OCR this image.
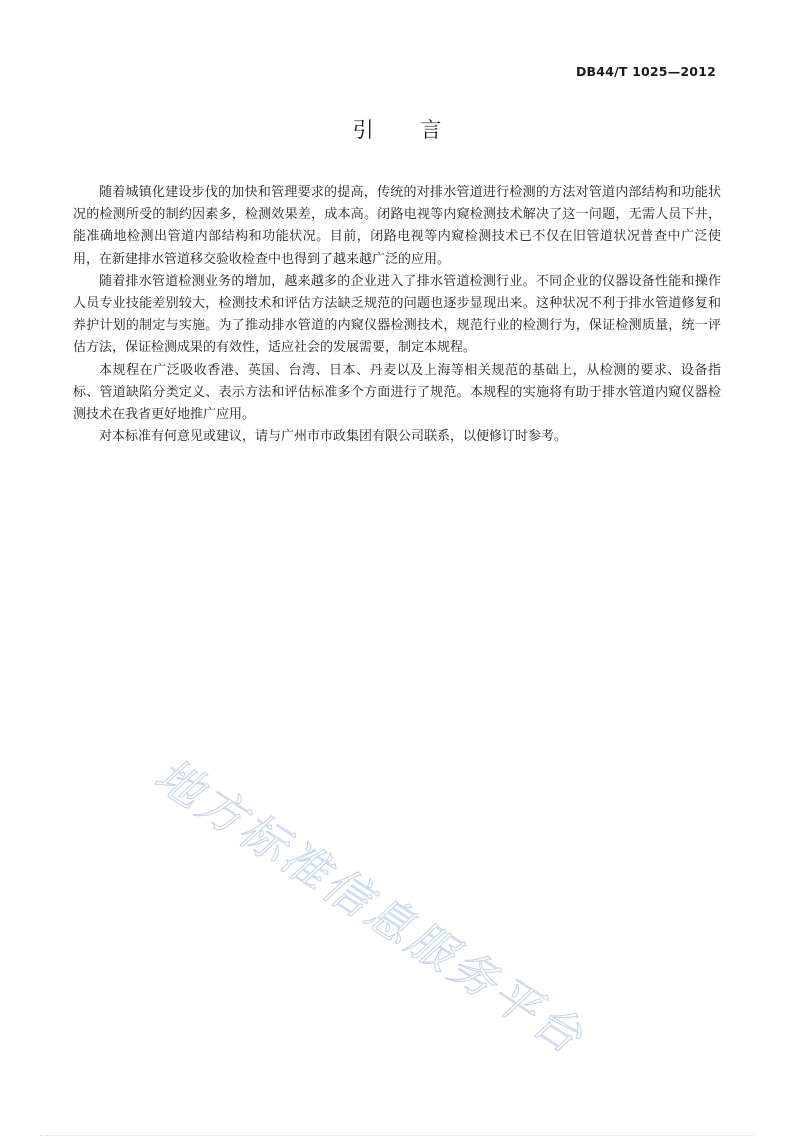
DB44/T 1025—2012
引 言

随着城镇化建设步伐的加快和管理要求的提高，传统的对排水管道进行检测的方法对管道内部结构和功能状况的检测所受的制约因素多，检测效果差，成本高。闭路电视等内窥检测技术解决了这一问题，无需人员下井，能准确地检测出管道内部结构和功能状况。目前，闭路电视等内窥检测技术已不仅在旧管道状况普查中广泛使用，在新建排水管道移交验收检查中也得到了越来越广泛的应用。

随着排水管道检测业务的增加，越来越多的企业进入了排水管道检测行业。不同企业的仪器设备性能和操作人员专业技能差别较大，检测技术和评估方法缺乏规范的问题也逐步显现出来。这种状况不利于排水管道修复和养护计划的制定与实施。为了推动排水管道的内窥仪器检测技术，规范行业的检测行为，保证检测质量，统一评估方法，保证检测成果的有效性，适应社会的发展需要，制定本规程。

本规程在广泛吸收香港、英国、台湾、日本、丹麦以及上海等相关规范的基础上，从检测的要求、设备指标、管道缺陷分类定义、表示方法和评估标准多个方面进行了规范。本规程的实施将有助于排水管道内窥仪器检测技术在我省更好地推广应用。

对本标准有何意见或建议，请与广州市市政集团有限公司联系，以便修订时参考。

地方标准信息服务平台
